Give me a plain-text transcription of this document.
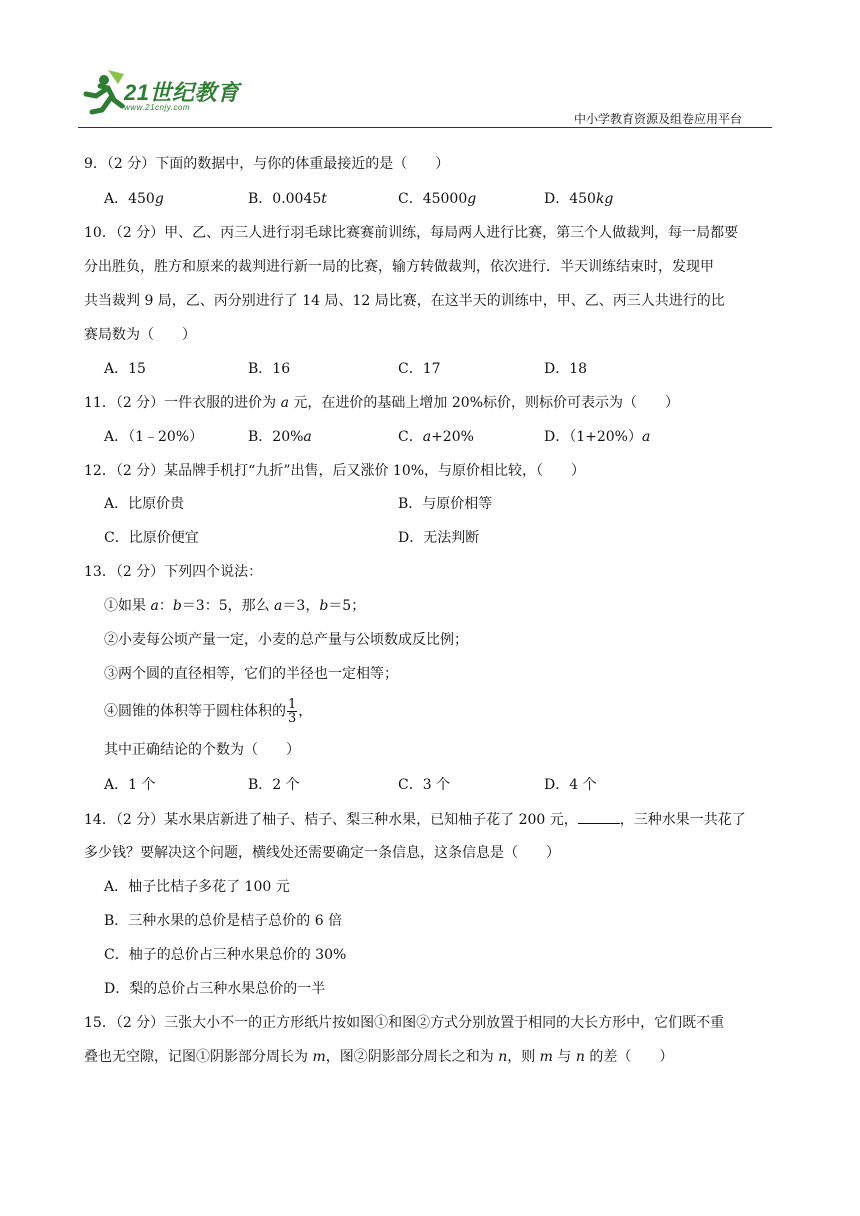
21世纪教育
www.21cnjy.com
中小学教育资源及组卷应用平台
9．（2 分）下面的数据中，与你的体重最接近的是（　　）
A．450g	B．0.0045t	C．45000g	D．450kg
10．（2 分）甲、乙、丙三人进行羽毛球比赛赛前训练，每局两人进行比赛，第三个人做裁判，每一局都要
分出胜负，胜方和原来的裁判进行新一局的比赛，输方转做裁判，依次进行．半天训练结束时，发现甲
共当裁判 9 局，乙、丙分别进行了 14 局、12 局比赛，在这半天的训练中，甲、乙、丙三人共进行的比
赛局数为（　　）
A．15	B．16	C．17	D．18
11．（2 分）一件衣服的进价为 a 元，在进价的基础上增加 20%标价，则标价可表示为（　　）
A．（1﹣20%）	B．20%a	C．a+20%	D．（1+20%）a
12．（2 分）某品牌手机打“九折”出售，后又涨价 10%，与原价相比较，（　　）
A．比原价贵	B．与原价相等
C．比原价便宜	D．无法判断
13．（2 分）下列四个说法：
①如果 a：b＝3：5，那么 a＝3，b＝5；
②小麦每公顷产量一定，小麦的总产量与公顷数成反比例；
③两个圆的直径相等，它们的半径也一定相等；
④圆锥的体积等于圆柱体积的 $\frac{1}{3}$ ，
其中正确结论的个数为（　　）
A．1 个	B．2 个	C．3 个	D．4 个
14．（2 分）某水果店新进了柚子、桔子、梨三种水果，已知柚子花了 200 元，	，三种水果一共花了
多少钱？要解决这个问题，横线处还需要确定一条信息，这条信息是（　　）
A．柚子比桔子多花了 100 元
B．三种水果的总价是桔子总价的 6 倍
C．柚子的总价占三种水果总价的 30%
D．梨的总价占三种水果总价的一半
15．（2 分）三张大小不一的正方形纸片按如图①和图②方式分别放置于相同的大长方形中，它们既不重
叠也无空隙，记图①阴影部分周长为 m，图②阴影部分周长之和为 n，则 m 与 n 的差（　　）
